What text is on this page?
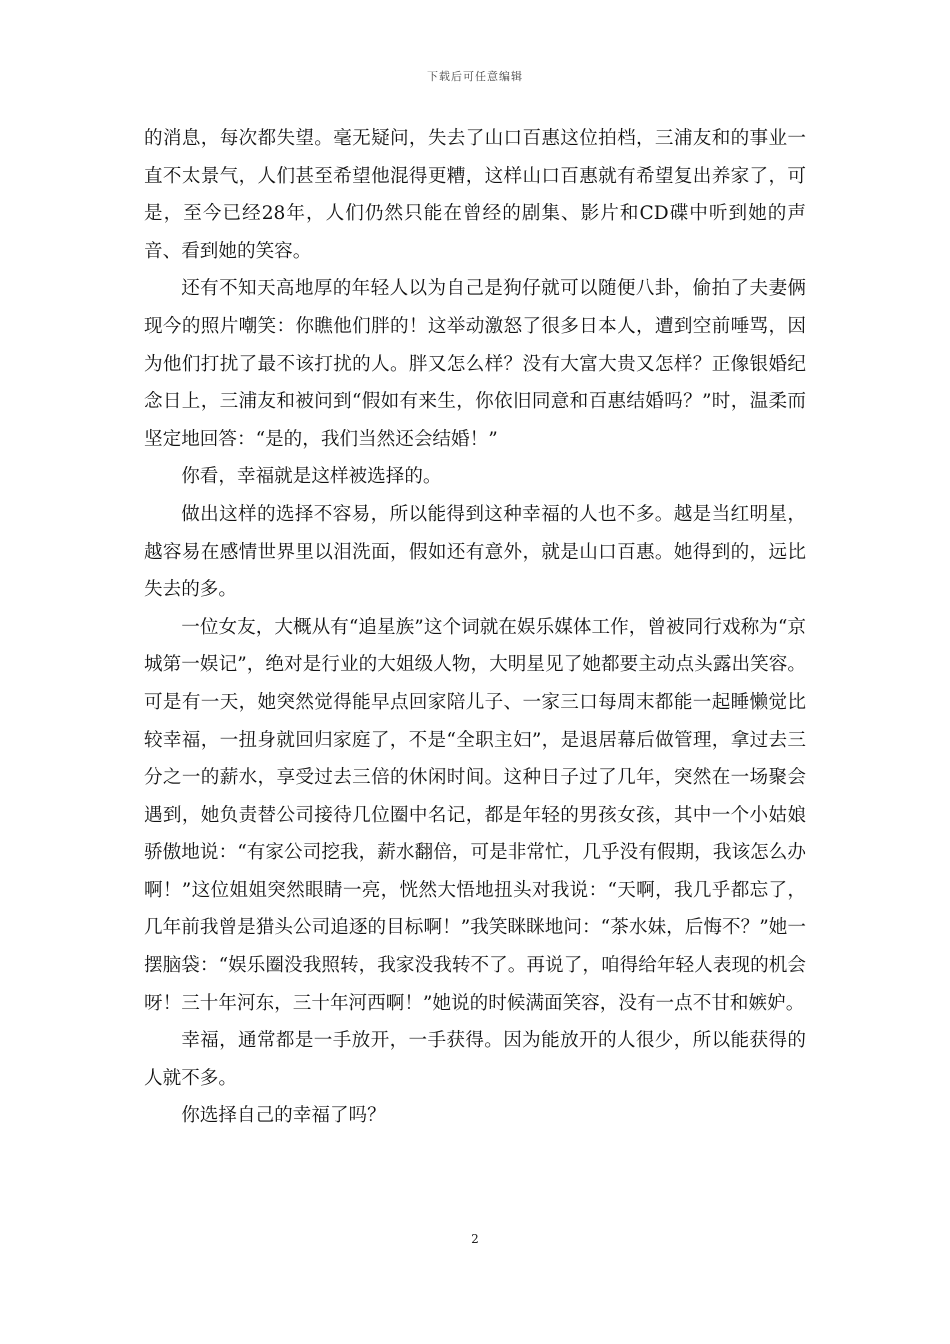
下载后可任意编辑

的消息，每次都失望。毫无疑问，失去了山口百惠这位拍档，三浦友和的事业一直不太景气，人们甚至希望他混得更糟，这样山口百惠就有希望复出养家了，可是，至今已经28年，人们仍然只能在曾经的剧集、影片和CD碟中听到她的声音、看到她的笑容。

还有不知天高地厚的年轻人以为自己是狗仔就可以随便八卦，偷拍了夫妻俩现今的照片嘲笑：你瞧他们胖的！这举动激怒了很多日本人，遭到空前唾骂，因为他们打扰了最不该打扰的人。胖又怎么样？没有大富大贵又怎样？正像银婚纪念日上，三浦友和被问到“假如有来生，你依旧同意和百惠结婚吗？”时，温柔而坚定地回答：“是的，我们当然还会结婚！”

你看，幸福就是这样被选择的。

做出这样的选择不容易，所以能得到这种幸福的人也不多。越是当红明星，越容易在感情世界里以泪洗面，假如还有意外，就是山口百惠。她得到的，远比失去的多。

一位女友，大概从有“追星族”这个词就在娱乐媒体工作，曾被同行戏称为“京城第一娱记”，绝对是行业的大姐级人物，大明星见了她都要主动点头露出笑容。可是有一天，她突然觉得能早点回家陪儿子、一家三口每周末都能一起睡懒觉比较幸福，一扭身就回归家庭了，不是“全职主妇”，是退居幕后做管理，拿过去三分之一的薪水，享受过去三倍的休闲时间。这种日子过了几年，突然在一场聚会遇到，她负责替公司接待几位圈中名记，都是年轻的男孩女孩，其中一个小姑娘骄傲地说：“有家公司挖我，薪水翻倍，可是非常忙，几乎没有假期，我该怎么办啊！”这位姐姐突然眼睛一亮，恍然大悟地扭头对我说：“天啊，我几乎都忘了，几年前我曾是猎头公司追逐的目标啊！”我笑眯眯地问：“茶水妹，后悔不？”她一摆脑袋：“娱乐圈没我照转，我家没我转不了。再说了，咱得给年轻人表现的机会呀！三十年河东，三十年河西啊！”她说的时候满面笑容，没有一点不甘和嫉妒。

幸福，通常都是一手放开，一手获得。因为能放开的人很少，所以能获得的人就不多。

你选择自己的幸福了吗？

2
